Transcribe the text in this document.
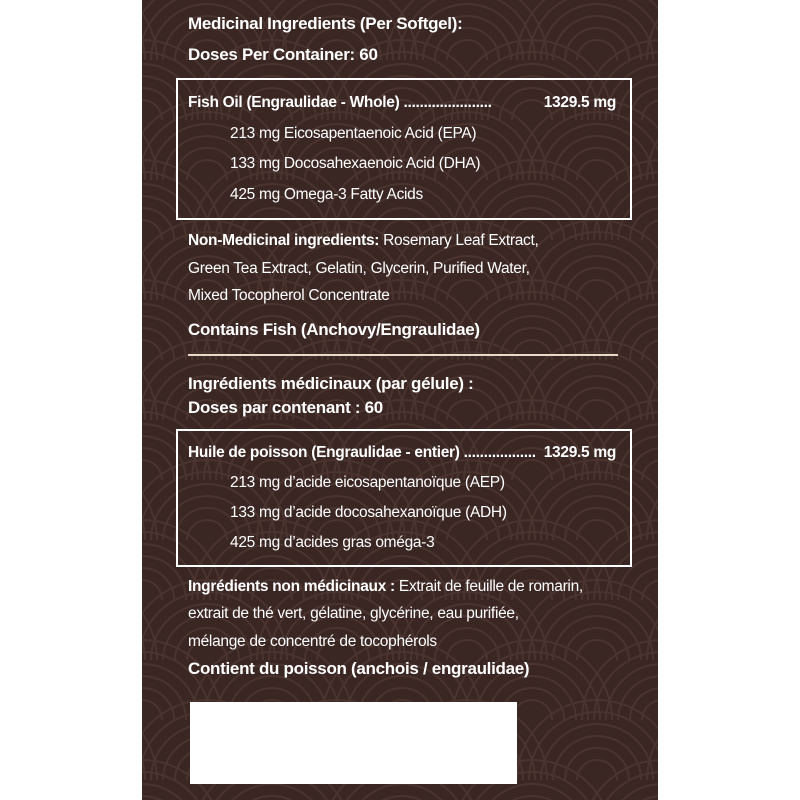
Medicinal Ingredients (Per Softgel):
Doses Per Container: 60
Fish Oil (Engraulidae - Whole) ......................	1329.5 mg
213 mg Eicosapentaenoic Acid (EPA)
133 mg Docosahexaenoic Acid (DHA)
425 mg Omega-3 Fatty Acids
Non-Medicinal ingredients: Rosemary Leaf Extract,
Green Tea Extract, Gelatin, Glycerin, Purified Water,
Mixed Tocopherol Concentrate
Contains Fish (Anchovy/Engraulidae)
Ingrédients médicinaux (par gélule) :
Doses par contenant : 60
Huile de poisson (Engraulidae - entier) .................. 1329.5 mg
213 mg d’acide eicosapentanoïque (AEP)
133 mg d’acide docosahexanoïque (ADH)
425 mg d’acides gras oméga-3
Ingrédients non médicinaux : Extrait de feuille de romarin,
extrait de thé vert, gélatine, glycérine, eau purifiée,
mélange de concentré de tocophérols
Contient du poisson (anchois / engraulidae)
